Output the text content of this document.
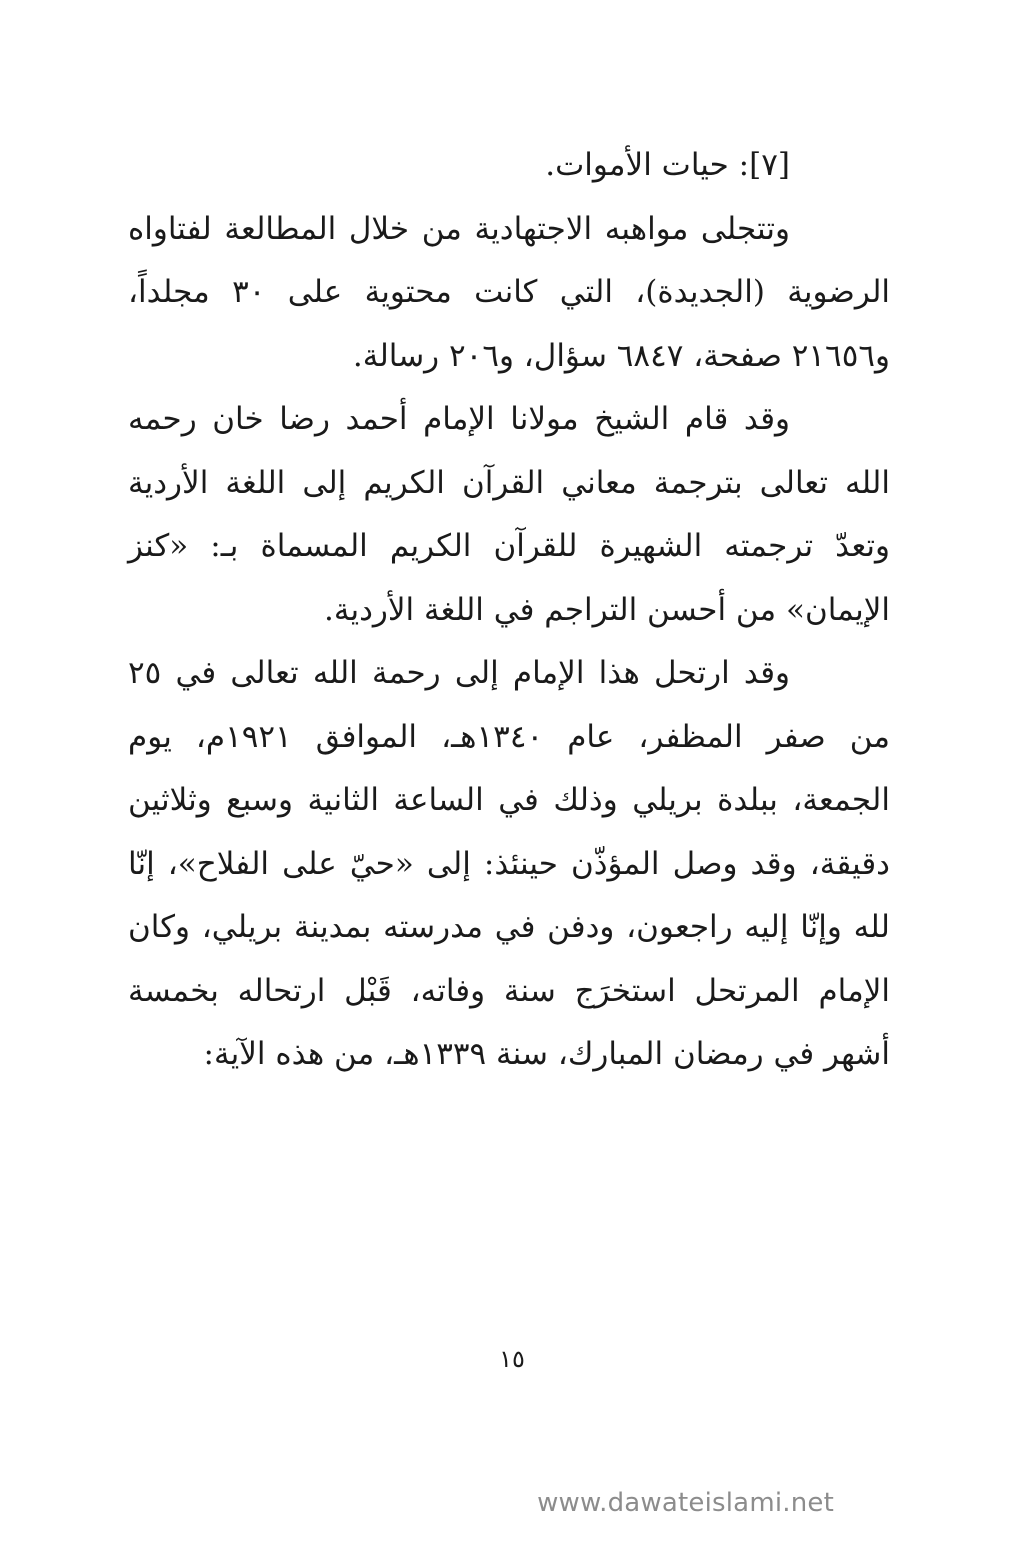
[٧]: حيات الأموات.

وتتجلى مواهبه الاجتهادية من خلال المطالعة لفتاواه الرضوية (الجديدة)، التي كانت محتوية على ٣٠ مجلداً، و٢١٦٥٦ صفحة، ٦٨٤٧ سؤال، و٢٠٦ رسالة.

وقد قام الشيخ مولانا الإمام أحمد رضا خان رحمه الله تعالى بترجمة معاني القرآن الكريم إلى اللغة الأردية وتعدّ ترجمته الشهيرة للقرآن الكريم المسماة بـ: «كنز الإيمان» من أحسن التراجم في اللغة الأردية.

وقد ارتحل هذا الإمام إلى رحمة الله تعالى في ٢٥ من صفر المظفر، عام ١٣٤٠هـ، الموافق ١٩٢١م، يوم الجمعة، ببلدة بريلي وذلك في الساعة الثانية وسبع وثلاثين دقيقة، وقد وصل المؤذّن حينئذ: إلى «حيّ على الفلاح»، إنّا لله وإنّا إليه راجعون، ودفن في مدرسته بمدينة بريلي، وكان الإمام المرتحل استخرَج سنة وفاته، قَبْل ارتحاله بخمسة أشهر في رمضان المبارك، سنة ١٣٣٩هـ، من هذه الآية:

١٥
www.dawateislami.net
